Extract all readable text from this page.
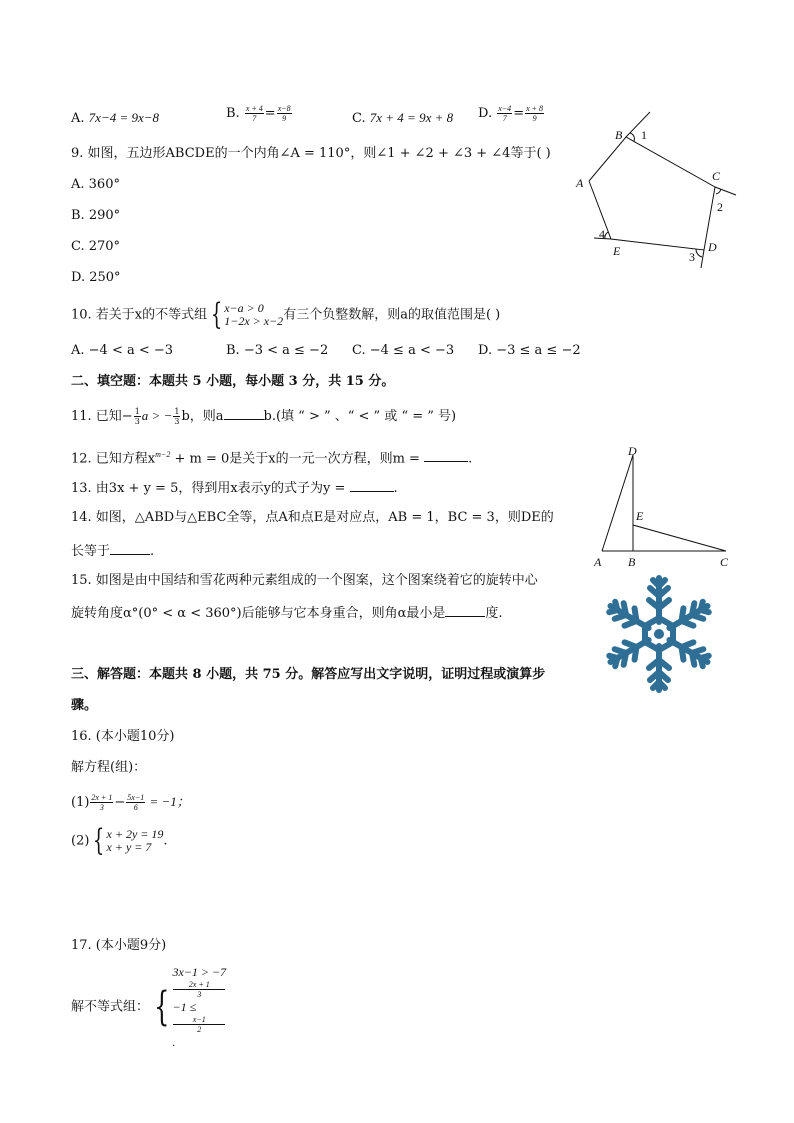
A. 7x−4 = 9x−8	B. $\frac{x + 4}{7} = \frac{x-8}{9}$	C. 7x + 4 = 9x + 8 D. $\frac{x-4}{7} = \frac{x + 8}{9}$
9. 如图，五边形ABCDE的一个内角∠A = 110°，则∠1 + ∠2 + ∠3 + ∠4等于( )
A. 360°
B. 290°
C. 270°
D. 250°
B 1
A	C
2
D
3
E
4
10. 若关于x的不等式组 { x−a > 0
1−2x > x−2 有三个负整数解，则a的取值范围是( )
A. −4 < a < −3	B. −3 < a ≤ −2 C. −4 ≤ a < −3 D. −3 ≤ a ≤ −2
二、填空题：本题共 5 小题，每小题 3 分，共 15 分。
11. 已知− $\frac{1}{3}$ a > − $\frac{1}{3}$ b，则a	b.(填 “ > ” 、“ < ” 或 “ = ” 号)
12. 已知方程$x^{m-2} + m = 0$是关于x的一元一次方程，则m =	.
13. 由3x + y = 5，得到用x表示y的式子为y =	.
14. 如图，△ABD与△EBC全等，点A和点E是对应点，AB = 1，BC = 3，则DE的
长等于	.
D
E
A B	C
15. 如图是由中国结和雪花两种元素组成的一个图案，这个图案绕着它的旋转中心
旋转角度α°(0° < α < 360°)后能够与它本身重合，则角α最小是	度.
三、解答题：本题共 8 小题，共 75 分。解答应写出文字说明，证明过程或演算步
骤。
16. (本小题10分)
解方程(组)：
$(1) \frac{2x + 1}{3} - \frac{5x-1}{6} = -1$；
(2) { x + 2y = 19
x + y = 7 .
17. (本小题9分)
解不等式组： {
3x−1 > −7
2x + 1
3
−1 ≤
x−1
2
.
